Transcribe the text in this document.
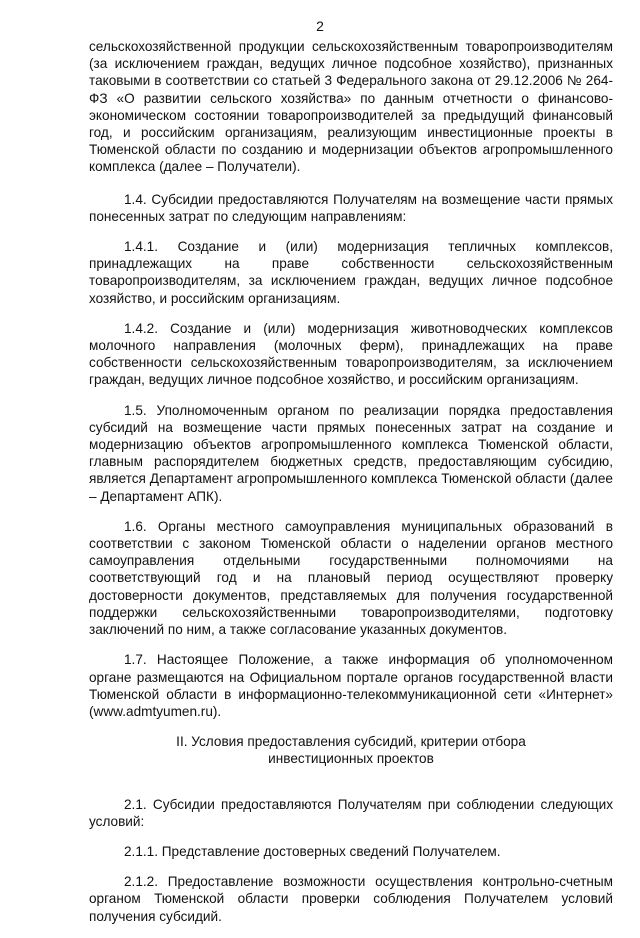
2

сельскохозяйственной продукции сельскохозяйственным товаропроизводителям (за исключением граждан, ведущих личное подсобное хозяйство), признанных таковыми в соответствии со статьей 3 Федерального закона от 29.12.2006 № 264-ФЗ «О развитии сельского хозяйства» по данным отчетности о финансово-экономическом состоянии товаропроизводителей за предыдущий финансовый год, и российским организациям, реализующим инвестиционные проекты в Тюменской области по созданию и модернизации объектов агропромышленного комплекса (далее – Получатели).

1.4. Субсидии предоставляются Получателям на возмещение части прямых понесенных затрат по следующим направлениям:

1.4.1. Создание и (или) модернизация тепличных комплексов, принадлежащих на праве собственности сельскохозяйственным товаропроизводителям, за исключением граждан, ведущих личное подсобное хозяйство, и российским организациям.

1.4.2. Создание и (или) модернизация животноводческих комплексов молочного направления (молочных ферм), принадлежащих на праве собственности сельскохозяйственным товаропроизводителям, за исключением граждан, ведущих личное подсобное хозяйство, и российским организациям.

1.5. Уполномоченным органом по реализации порядка предоставления субсидий на возмещение части прямых понесенных затрат на создание и модернизацию объектов агропромышленного комплекса Тюменской области, главным распорядителем бюджетных средств, предоставляющим субсидию, является Департамент агропромышленного комплекса Тюменской области (далее – Департамент АПК).

1.6. Органы местного самоуправления муниципальных образований в соответствии с законом Тюменской области о наделении органов местного самоуправления отдельными государственными полномочиями на соответствующий год и на плановый период осуществляют проверку достоверности документов, представляемых для получения государственной поддержки сельскохозяйственными товаропроизводителями, подготовку заключений по ним, а также согласование указанных документов.

1.7. Настоящее Положение, а также информация об уполномоченном органе размещаются на Официальном портале органов государственной власти Тюменской области в информационно-телекоммуникационной сети «Интернет» (www.admtyumen.ru).

II. Условия предоставления субсидий, критерии отбора
инвестиционных проектов

2.1. Субсидии предоставляются Получателям при соблюдении следующих условий:

2.1.1. Представление достоверных сведений Получателем.

2.1.2. Предоставление возможности осуществления контрольно-счетным органом Тюменской области проверки соблюдения Получателем условий получения субсидий.
